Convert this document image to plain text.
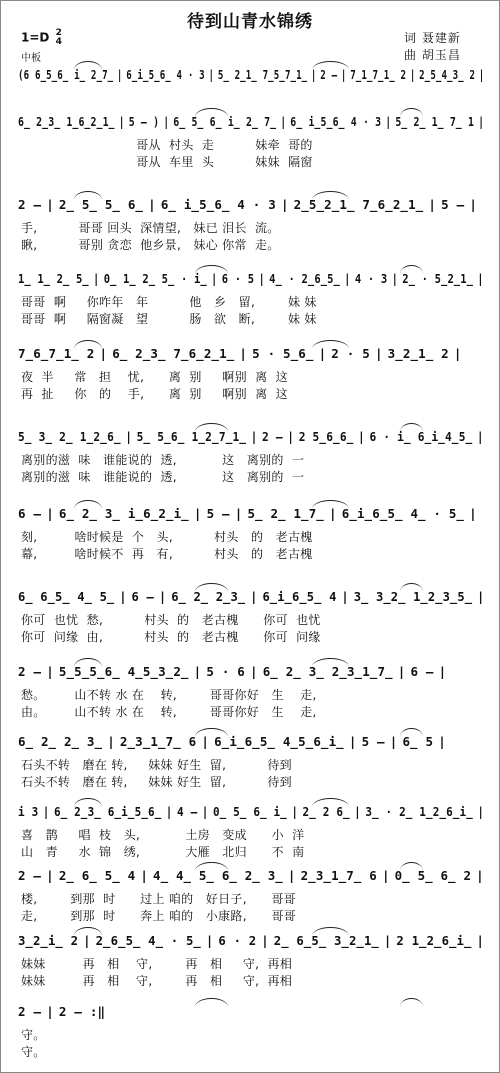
待到山青水锦绣
1=D 2
4
中板
词 聂建新
曲 胡玉昌
(6 6̲5̲6̲ i̲ 2̲7̲ | 6̲i̲5̲6̲ 4 · 3 | 5̲ 2̲1̲ 7̲5̲7̲1̲ | 2 – | 7̲1̲7̲1̲ 2 | 2̲5̲4̲3̲ 2 |
6̲ 2̲3̲ 1̲6̲2̲1̲ | 5 – ) | 6̲ 5̲ 6̲ i̲ 2̲ 7̲ | 6̲ i̲5̲6̲ 4 · 3 | 5̲ 2̲ 1̲ 7̲ 1 |
哥从  村头  走          妹牵  哥的
哥从  车里  头          妹妹  隔窗
2 – | 2̲ 5̲ 5̲ 6̲ | 6̲ i̲5̲6̲ 4 · 3 | 2̲5̲2̲1̲ 7̲6̲2̲1̲ | 5 – |
手,          哥哥 回头  深情望,   妹已 泪长  流。
瞅,          哥别 贪恋  他乡景,   妹心 你常  走。
1̲ 1̲ 2̲ 5̲ | 0̲ 1̲ 2̲ 5̲ · i̲ | 6 · 5 | 4̲ · 2̲6̲5̲ | 4 · 3 | 2̲ · 5̲2̲1̲ |
哥哥  啊     你咋年   年          他   乡   留,        妹 妹
哥哥  啊     隔窗凝   望          肠   欲   断,        妹 妹
7̲6̲7̲1̲ 2 | 6̲ 2̲3̲ 7̲6̲2̲1̲ | 5 · 5̲6̲ | 2 · 5 | 3̲2̲1̲ 2 |
夜  半     常   担    忧,      离  别     啊别  离  这
再  扯     你   的    手,      离  别     啊别  离  这
5̲ 3̲ 2̲ 1̲2̲6̲ | 5̲ 5̲6̲ 1̲2̲7̲1̲ | 2 – | 2 5̲6̲6̲ | 6 · i̲ 6̲i̲4̲5̲ |
离别的滋  味   谁能说的  透,           这   离别的  一
离别的滋  味   谁能说的  透,           这   离别的  一
6 – | 6̲ 2̲ 3̲ i̲6̲2̲i̲ | 5 – | 5̲ 2̲ 1̲7̲ | 6̲i̲6̲5̲ 4̲ · 5̲ |
刻,         啥时候是  个   头,          村头   的   老古槐
幕,         啥时候不  再   有,          村头   的   老古槐
6̲ 6̲5̲ 4̲ 5̲ | 6 – | 6̲ 2̲ 2̲3̲ | 6̲i̲6̲5̲ 4 | 3̲ 3̲2̲ 1̲2̲3̲5̲ |
你可  也忧  愁,          村头  的   老古槐      你可  也忧
你可  问缘  由,          村头  的   老古槐      你可  问缘
2 – | 5̲5̲5̲6̲ 4̲5̲3̲2̲ | 5 · 6 | 6̲ 2̲ 3̲ 2̲3̲1̲7̲ | 6 – |
愁。       山不转 水 在    转,        哥哥你好   生    走,
由。       山不转 水 在    转,        哥哥你好   生    走,
6̲ 2̲ 2̲ 3̲ | 2̲3̲1̲7̲ 6 | 6̲i̲6̲5̲ 4̲5̲6̲i̲ | 5 – | 6̲ 5 |
石头不转   磨在 转,     妹妹 好生  留,          待到
石头不转   磨在 转,     妹妹 好生  留,          待到
i 3 | 6̲ 2̲3̲ 6̲i̲5̲6̲ | 4 – | 0̲ 5̲ 6̲ i̲ | 2̲ 2 6̲ | 3̲ · 2̲ 1̲2̲6̲i̲ |
喜   鹊     唱  枝   头,           土房   变成      小  洋
山   青     水  锦   绣,           大雁   北归      不  南
2 – | 2̲ 6̲ 5̲ 4 | 4̲ 4̲ 5̲ 6̲ 2̲ 3̲ | 2̲3̲1̲7̲ 6 | 0̲ 5̲ 6̲ 2 |
楼,        到那  时      过上 咱的   好日子,      哥哥
走,        到那  时      奔上 咱的   小康路,      哥哥
3̲2̲i̲ 2 | 2̲6̲5̲ 4̲ · 5̲ | 6 · 2 | 2̲ 6̲5̲ 3̲2̲1̲ | 2 1̲2̲6̲i̲ |
妹妹         再   相    守,        再   相     守,  再相
妹妹         再   相    守,        再   相     守,  再相
2 – | 2 – :‖
守。
守。
